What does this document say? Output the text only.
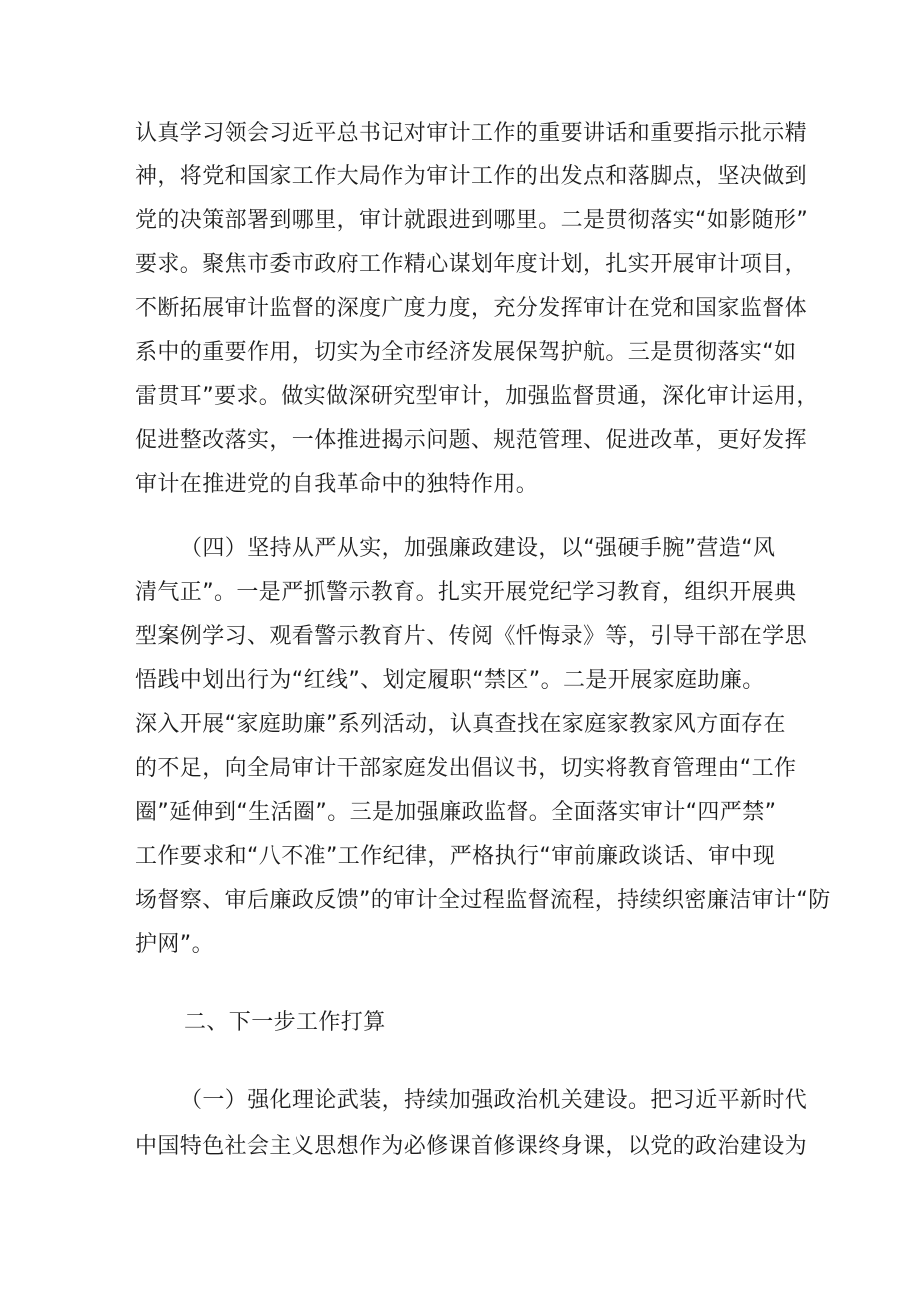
认真学习领会习近平总书记对审计工作的重要讲话和重要指示批示精
神，将党和国家工作大局作为审计工作的出发点和落脚点，坚决做到
党的决策部署到哪里，审计就跟进到哪里。二是贯彻落实“如影随形”
要求。聚焦市委市政府工作精心谋划年度计划，扎实开展审计项目，
不断拓展审计监督的深度广度力度，充分发挥审计在党和国家监督体
系中的重要作用，切实为全市经济发展保驾护航。三是贯彻落实“如
雷贯耳”要求。做实做深研究型审计，加强监督贯通，深化审计运用，
促进整改落实，一体推进揭示问题、规范管理、促进改革，更好发挥
审计在推进党的自我革命中的独特作用。
（四）坚持从严从实，加强廉政建设，以“强硬手腕”营造“风
清气正”。一是严抓警示教育。扎实开展党纪学习教育，组织开展典
型案例学习、观看警示教育片、传阅《忏悔录》等，引导干部在学思
悟践中划出行为“红线”、划定履职“禁区”。二是开展家庭助廉。
深入开展“家庭助廉”系列活动，认真查找在家庭家教家风方面存在
的不足，向全局审计干部家庭发出倡议书，切实将教育管理由“工作
圈”延伸到“生活圈”。三是加强廉政监督。全面落实审计“四严禁”
工作要求和“八不准”工作纪律，严格执行“审前廉政谈话、审中现
场督察、审后廉政反馈”的审计全过程监督流程，持续织密廉洁审计“防
护网”。
二、下一步工作打算
（一）强化理论武装，持续加强政治机关建设。把习近平新时代
中国特色社会主义思想作为必修课首修课终身课，以党的政治建设为
